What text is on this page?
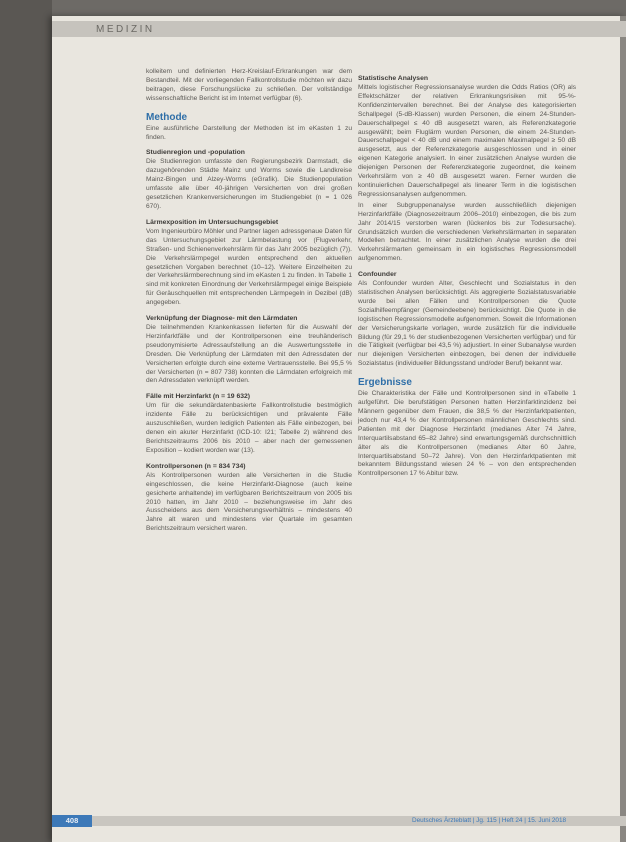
MEDIZIN
kolleitem und definierten Herz-Kreislauf-Erkrankungen war dem Bestandteil. Mit der vorliegenden Fallkontrollstudie möchten wir dazu beitragen, diese Forschungslücke zu schließen. Der vollständige wissenschaftliche Bericht ist im Internet verfügbar (6).
Methode
Eine ausführliche Darstellung der Methoden ist im eKasten 1 zu finden.
Studienregion und -population
Die Studienregion umfasste den Regierungsbezirk Darmstadt, die dazugehörenden Städte Mainz und Worms sowie die Landkreise Mainz-Bingen und Alzey-Worms (eGrafik). Die Studienpopulation umfasste alle über 40-jährigen Versicherten von drei großen gesetzlichen Krankenversicherungen im Studiengebiet (n = 1 026 670).
Lärmexposition im Untersuchungsgebiet
Vom Ingenieurbüro Möhler und Partner lagen adressgenaue Daten für das Untersuchungsgebiet zur Lärmbelastung vor (Flugverkehr, Straßen- und Schienenverkehrslärm für das Jahr 2005 bezüglich (7)). Die Verkehrslärmpegel wurden entsprechend den aktuellen gesetzlichen Vorgaben berechnet (10–12). Weitere Einzelheiten zu der Verkehrslärmberechnung sind im eKasten 1 zu finden. In Tabelle 1 sind mit konkreten Einordnung der Verkehrslärmpegel einige Beispiele für Geräuschquellen mit entsprechenden Lärmpegeln in Dezibel (dB) angegeben.
Verknüpfung der Diagnose- mit den Lärmdaten
Die teilnehmenden Krankenkassen lieferten für die Auswahl der Herzinfarktfälle und der Kontrollpersonen eine treuhänderisch pseudonymisierte Adressaufstellung an die Auswertungsstelle in Dresden. Die Verknüpfung der Lärmdaten mit den Adressdaten der Versicherten erfolgte durch eine externe Vertrauensstelle. Bei 95,5 % der Versicherten (n = 807 738) konnten die Lärmdaten erfolgreich mit den Adressdaten verknüpft werden.
Fälle mit Herzinfarkt (n = 19 632)
Um für die sekundärdatenbasierte Fallkontrollstudie bestmöglich inzidente Fälle zu berücksichtigen und prävalente Fälle auszuschließen, wurden lediglich Patienten als Fälle einbezogen, bei denen ein akuter Herzinfarkt (ICD-10: I21; Tabelle 2) während des Berichtszeitraums 2006 bis 2010 – aber nach der gemessenen Exposition – kodiert worden war (13).
Kontrollpersonen (n = 834 734)
Als Kontrollpersonen wurden alle Versicherten in die Studie eingeschlossen, die keine Herzinfarkt-Diagnose (auch keine gesicherte anhaltende) im verfügbaren Berichtszeitraum von 2005 bis 2010 hatten, im Jahr 2010 – beziehungsweise im Jahr des Ausscheidens aus dem Versicherungsverhältnis – mindestens 40 Jahre alt waren und mindestens vier Quartale im gesamten Berichtszeitraum versichert waren.
Statistische Analysen
Mittels logistischer Regressionsanalyse wurden die Odds Ratios (OR) als Effektschätzer der relativen Erkrankungsrisiken mit 95-%-Konfidenzintervallen berechnet. Bei der Analyse des kategorisierten Schallpegel (5-dB-Klassen) wurden Personen, die einem 24-Stunden-Dauerschallpegel ≤ 40 dB ausgesetzt waren, als Referenzkategorie ausgewählt; beim Fluglärm wurden Personen, die einem 24-Stunden-Dauerschallpegel < 40 dB und einem maximalen Maximalpegel ≥ 50 dB ausgesetzt, aus der Referenzkategorie ausgeschlossen und in einer eigenen Kategorie analysiert. In einer zusätzlichen Analyse wurden die diejenigen Personen der Referenzkategorie zugeordnet, die keinem Verkehrslärm von ≥ 40 dB ausgesetzt waren. Ferner wurden die kontinuierlichen Dauerschallpegel als linearer Term in die logistischen Regressionsanalysen aufgenommen.
In einer Subgruppenanalyse wurden ausschließlich diejenigen Herzinfarktfälle (Diagnosezeitraum 2006–2010) einbezogen, die bis zum Jahr 2014/15 verstorben waren (lückenlos bis zur Todesursache). Grundsätzlich wurden die verschiedenen Verkehrslärmarten in separaten Modellen betrachtet. In einer zusätzlichen Analyse wurden die drei Verkehrslärmarten gemeinsam in ein logistisches Regressionsmodell aufgenommen.
Confounder
Als Confounder wurden Alter, Geschlecht und Sozialstatus in den statistischen Analysen berücksichtigt. Als aggregierte Sozialstatusvariable wurde bei allen Fällen und Kontrollpersonen die Quote Sozialhilfeempfänger (Gemeindeebene) berücksichtigt. Die Quote in die logistischen Regressionsmodelle aufgenommen. Soweit die Informationen der Versicherungskarte vorlagen, wurde zusätzlich für die individuelle Bildung (für 29,1 % der studienbezogenen Versicherten verfügbar) und für die Tätigkeit (verfügbar bei 43,5 %) adjustiert. In einer Subanalyse wurden nur diejenigen Versicherten einbezogen, bei denen der individuelle Sozialstatus (individueller Bildungsstand und/oder Beruf) bekannt war.
Ergebnisse
Die Charakteristika der Fälle und Kontrollpersonen sind in eTabelle 1 aufgeführt. Die berufstätigen Personen hatten Herzinfarktinzidenz bei Männern gegenüber dem Frauen, die 38,5 % der Herzinfarktpatienten, jedoch nur 43,4 % der Kontrollpersonen männlichen Geschlechts sind. Patienten mit der Diagnose Herzinfarkt (medianes Alter 74 Jahre, Interquartilsabstand 65–82 Jahre) sind erwartungsgemäß durchschnittlich älter als die Kontrollpersonen (medianes Alter 60 Jahre, Interquartilsabstand 50–72 Jahre). Von den Herzinfarktpatienten mit bekanntem Bildungsstand wiesen 24 % – von den entsprechenden Kontrollpersonen 17 % Abitur bzw.
408	Deutsches Ärzteblatt | Jg. 115 | Heft 24 | 15. Juni 2018
